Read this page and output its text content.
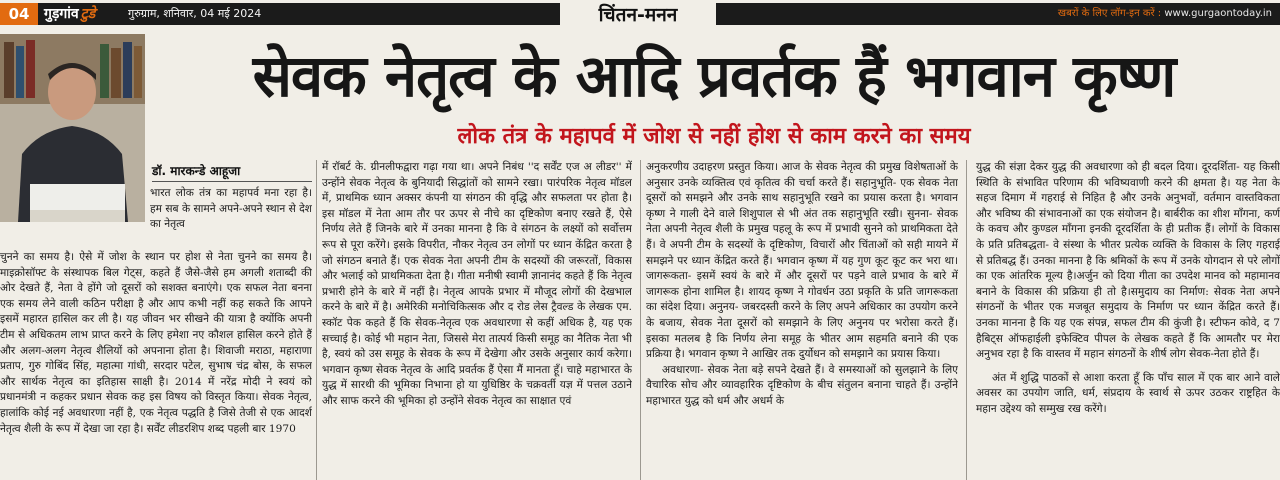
04	गुड़गांव टुडे	गुरुग्राम, शनिवार, 04 मई 2024	चिंतन-मनन	खबरों के लिए लॉग-इन करें : www.gurgaontoday.in
सेवक नेतृत्व के आदि प्रवर्तक हैं भगवान कृष्ण
लोक तंत्र के महापर्व में जोश से नहीं होश से काम करने का समय
डॉ. मारकन्डे आहूजा

भारत लोक तंत्र का महापर्व मना रहा है। हम सब के सामने अपने-अपने स्थान से देश का नेतृत्व

चुनने का समय है। ऐसे में जोश के स्थान पर होश से नेता चुनने का समय है। माइक्रोसॉफ्ट के संस्थापक बिल गेट्स, कहते हैं जैसे-जैसे हम अगली शताब्दी की ओर देखते हैं, नेता वे होंगे जो दूसरों को सशक्त बनाएंगे। एक सफल नेता बनना एक समय लेने वाली कठिन परीक्षा है और आप कभी नहीं कह सकते कि आपने इसमें महारत हासिल कर ली है। यह जीवन भर सीखने की यात्रा है क्योंकि अपनी टीम से अधिकतम लाभ प्राप्त करने के लिए हमेशा नए कौशल हासिल करने होते हैं और अलग-अलग नेतृत्व शैलियों को अपनाना होता है। शिवाजी मराठा, महाराणा प्रताप, गुरु गोबिंद सिंह, महात्मा गांधी, सरदार पटेल, सुभाष चंद्र बोस, के सफल और सार्थक नेतृत्व का इतिहास साक्षी है। 2014 में नरेंद्र मोदी ने स्वयं को प्रधानमंत्री न कहकर प्रधान सेवक कह इस विषय को विस्तृत किया। सेवक नेतृत्व, हालांकि कोई नई अवधारणा नहीं है, एक नेतृत्व पद्धति है जिसे तेजी से एक आदर्श नेतृत्व शैली के रूप में देखा जा रहा है। सर्वेंट लीडरशिप शब्द पहली बार 1970

में रॉबर्ट के. ग्रीनलीफद्वारा गढ़ा गया था। अपने निबंध ''द सर्वेंट एज अ लीडर'' में उन्होंने सेवक नेतृत्व के बुनियादी सिद्धांतों को सामने रखा। पारंपरिक नेतृत्व मॉडल में, प्राथमिक ध्यान अक्सर कंपनी या संगठन की वृद्धि और सफलता पर होता है। इस मॉडल में नेता आम तौर पर ऊपर से नीचे का दृष्टिकोण बनाए रखते हैं, ऐसे निर्णय लेते हैं जिनके बारे में उनका मानना है कि वे संगठन के लक्ष्यों को सर्वोत्तम रूप से पूरा करेंगे। इसके विपरीत, नौकर नेतृत्व उन लोगों पर ध्यान केंद्रित करता है जो संगठन बनाते हैं। एक सेवक नेता अपनी टीम के सदस्यों की जरूरतों, विकास और भलाई को प्राथमिकता देता है। गीता मनीषी स्वामी ज्ञानानंद कहते हैं कि नेतृत्व प्रभारी होने के बारे में नहीं है। नेतृत्व आपके प्रभार में मौजूद लोगों की देखभाल करने के बारे में है। अमेरिकी मनोचिकित्सक और द रोड लेस ट्रैवल्ड के लेखक एम. स्कॉट पेक कहते हैं कि सेवक-नेतृत्व एक अवधारणा से कहीं अधिक है, यह एक सच्चाई है। कोई भी महान नेता, जिससे मेरा तात्पर्य किसी समूह का नैतिक नेता भी है, स्वयं को उस समूह के सेवक के रूप में देखेगा और उसके अनुसार कार्य करेगा। भगवान कृष्ण सेवक नेतृत्व के आदि प्रवर्तक हैं ऐसा मैं मानता हूँ। चाहे महाभारत के युद्ध में सारथी की भूमिका निभाना हो या युधिष्ठिर के चक्रवर्ती यज्ञ में पत्तल उठाने और साफ करने की भूमिका हो उन्होंने सेवक नेतृत्व का साक्षात एवं

अनुकरणीय उदाहरण प्रस्तुत किया। आज के सेवक नेतृत्व की प्रमुख विशेषताओं के अनुसार उनके व्यक्तित्व एवं कृतित्व की चर्चा करते हैं। सहानुभूति- एक सेवक नेता दूसरों को समझने और उनके साथ सहानुभूति रखने का प्रयास करता है। भगवान कृष्ण ने गाली देने वाले शिशुपाल से भी अंत तक सहानुभूति रखी। सुनना- सेवक नेता अपनी नेतृत्व शैली के प्रमुख पहलू के रूप में प्रभावी सुनने को प्राथमिकता देते हैं। वे अपनी टीम के सदस्यों के दृष्टिकोण, विचारों और चिंताओं को सही मायने में समझने पर ध्यान केंद्रित करते हैं। भगवान कृष्ण में यह गुण कूट कूट कर भरा था। जागरूकता- इसमें स्वयं के बारे में और दूसरों पर पड़ने वाले प्रभाव के बारे में जागरूक होना शामिल है। शायद कृष्ण ने गोवर्धन उठा प्रकृति के प्रति जागरूकता का संदेश दिया। अनुनय- जबरदस्ती करने के लिए अपने अधिकार का उपयोग करने के बजाय, सेवक नेता दूसरों को समझाने के लिए अनुनय पर भरोसा करते हैं। इसका मतलब है कि निर्णय लेना समूह के भीतर आम सहमति बनाने की एक प्रक्रिया है। भगवान कृष्ण ने आखिर तक दुर्योधन को समझाने का प्रयास किया।

अवधारणा- सेवक नेता बड़े सपने देखते हैं। वे समस्याओं को सुलझाने के लिए वैचारिक सोच और व्यावहारिक दृष्टिकोण के बीच संतुलन बनाना चाहते हैं। उन्होंने महाभारत युद्ध को धर्म और अधर्म के

युद्ध की संज्ञा देकर युद्ध की अवधारणा को ही बदल दिया। दूरदर्शिता- यह किसी स्थिति के संभावित परिणाम की भविष्यवाणी करने की क्षमता है। यह नेता के सहज दिमाग में गहराई से निहित है और उनके अनुभवों, वर्तमान वास्तविकता और भविष्य की संभावनाओं का एक संयोजन है। बार्बरीक का शीश माँगना, कर्ण के कवच और कुण्डल माँगना इनकी दूरदर्शिता के ही प्रतीक हैं। लोगों के विकास के प्रति प्रतिबद्धता- वे संस्था के भीतर प्रत्येक व्यक्ति के विकास के लिए गहराई से प्रतिबद्ध हैं। उनका मानना है कि श्रमिकों के रूप में उनके योगदान से परे लोगों का एक आंतरिक मूल्य है।अर्जुन को दिया गीता का उपदेश मानव को महामानव बनाने के विकास की प्रक्रिया ही तो है।समुदाय का निर्माण: सेवक नेता अपने संगठनों के भीतर एक मजबूत समुदाय के निर्माण पर ध्यान केंद्रित करते हैं। उनका मानना है कि यह एक संपन्न, सफल टीम की कुंजी है। स्टीफन कोवे, द 7 हैबिट्स ऑफहाईली इफेक्टिव पीपल के लेखक कहते हैं कि आमतौर पर मेरा अनुभव रहा है कि वास्तव में महान संगठनों के शीर्ष लोग सेवक-नेता होते हैं।

अंत में शुद्धि पाठकों से आशा करता हूँ कि पाँच साल में एक बार आने वाले अवसर का उपयोग जाति, धर्म, संप्रदाय के स्वार्थ से ऊपर उठकर राष्ट्रहित के महान उद्देश्य को सम्मुख रख करेंगे।
